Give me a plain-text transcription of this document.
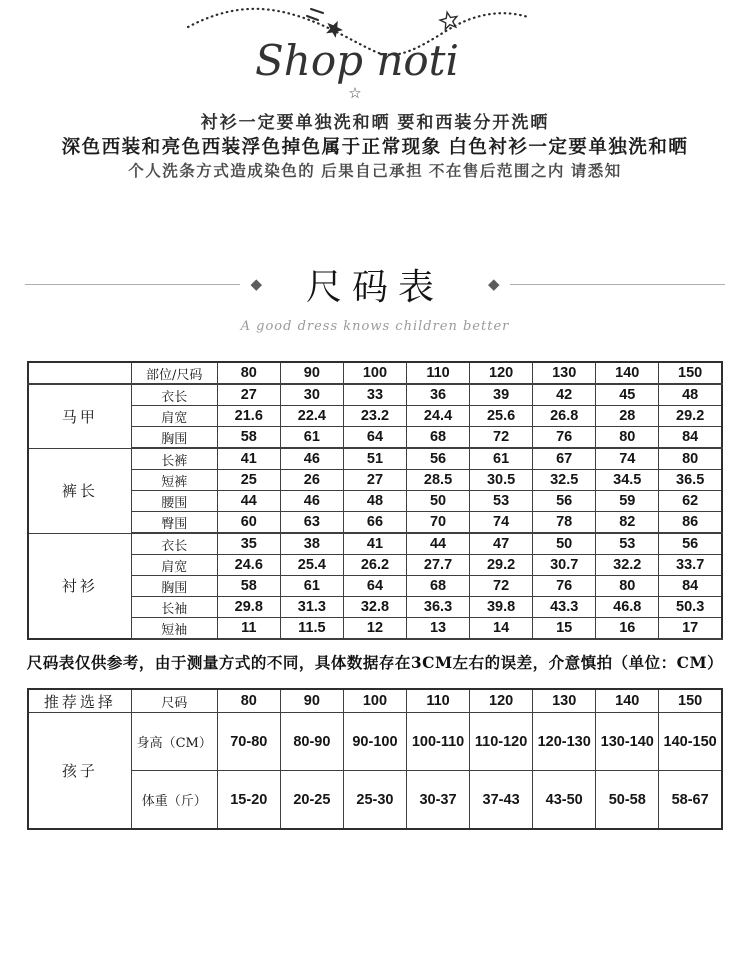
Shop noti
☆

衬衫一定要单独洗和晒 要和西装分开洗晒

深色西装和亮色西装浮色掉色属于正常现象 白色衬衫一定要单独洗和晒

个人洗条方式造成染色的 后果自己承担 不在售后范围之内 请悉知

◆ 尺码表	◆
A good dress knows children better
	部位/尺码	80	90	100	110	120	130	140	150
马甲	衣长	27	30	33	36	39	42	45	48
	肩宽	21.6	22.4	23.2	24.4	25.6	26.8	28	29.2
	胸围	58	61	64	68	72	76	80	84
裤长	长裤	41	46	51	56	61	67	74	80
	短裤	25	26	27	28.5	30.5	32.5	34.5	36.5
	腰围	44	46	48	50	53	56	59	62
	臀围	60	63	66	70	74	78	82	86
衬衫	衣长	35	38	41	44	47	50	53	56
	肩宽	24.6	25.4	26.2	27.7	29.2	30.7	32.2	33.7
	胸围	58	61	64	68	72	76	80	84
	长袖	29.8	31.3	32.8	36.3	39.8	43.3	46.8	50.3
	短袖	11	11.5	12	13	14	15	16	17

尺码表仅供参考，由于测量方式的不同，具体数据存在3CM左右的误差，介意慎拍（单位：CM）

推荐选择	尺码	80	90	100	110	120	130	140	150
孩子	身高（CM）	70-80	80-90	90-100	100-110	110-120	120-130	130-140	140-150
	体重（斤）	15-20	20-25	25-30	30-37	37-43	43-50	50-58	58-67
